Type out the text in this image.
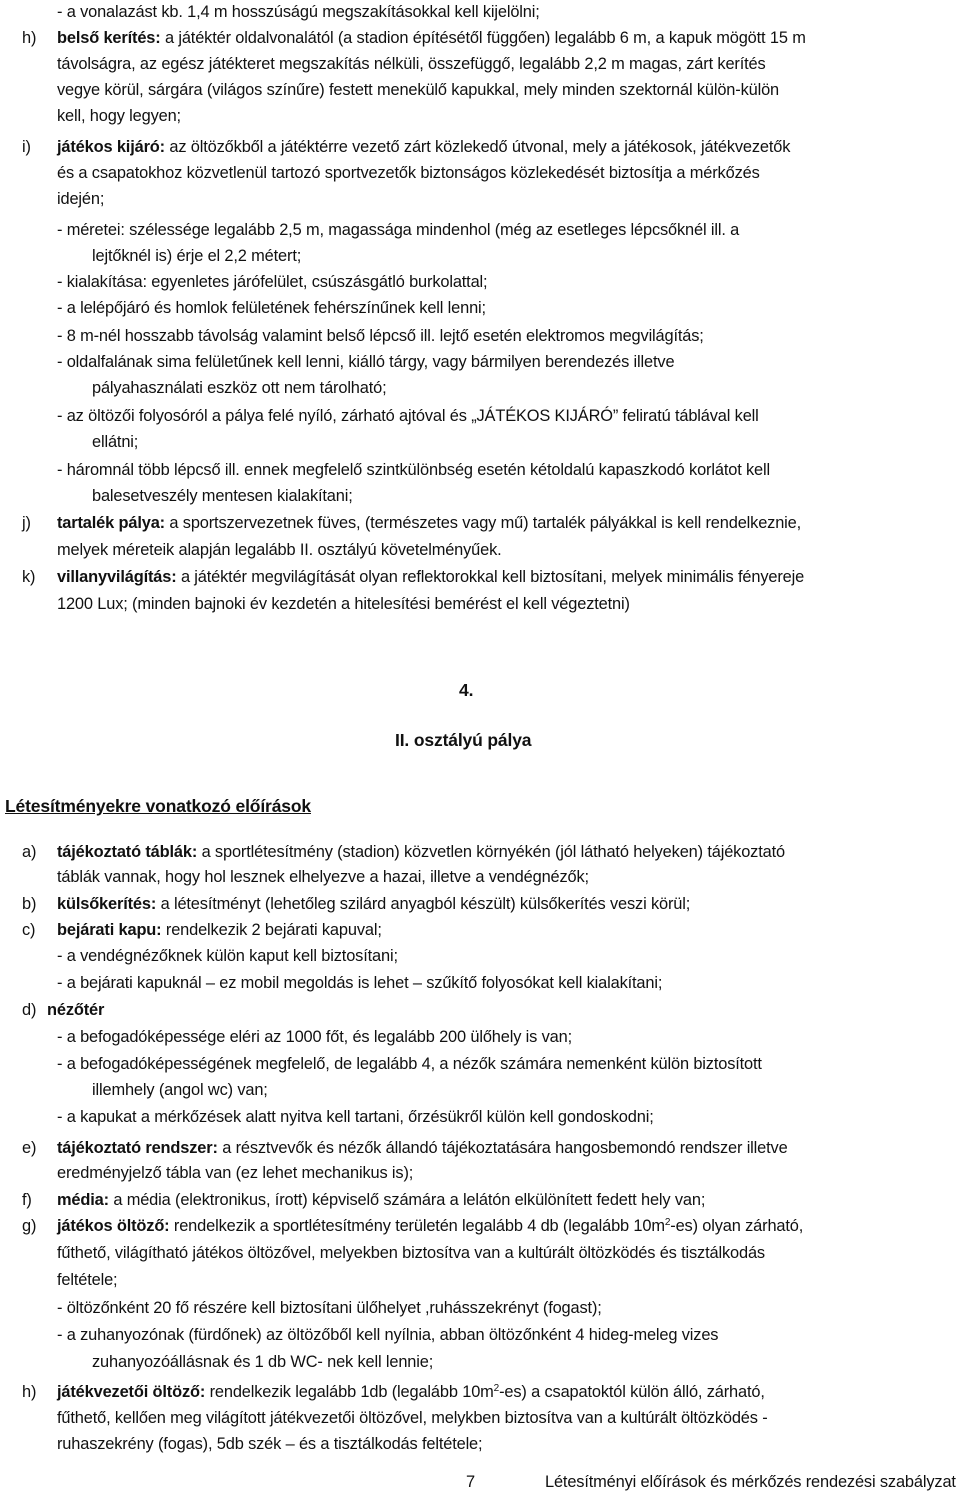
- a vonalazást kb. 1,4 m hosszúságú megszakításokkal kell kijelölni;
h) belső kerítés: a játéktér oldalvonalától (a stadion építésétől függően) legalább 6 m, a kapuk mögött 15 m
távolságra, az egész játékteret megszakítás nélküli, összefüggő, legalább 2,2 m magas, zárt kerítés
vegye körül, sárgára (világos színűre) festett menekülő kapukkal, mely minden szektornál külön-külön
kell, hogy legyen;
i) játékos kijáró: az öltözőkből a játéktérre vezető zárt közlekedő útvonal, mely a játékosok, játékvezetők
és a csapatokhoz közvetlenül tartozó sportvezetők biztonságos közlekedését biztosítja a mérkőzés
idején;
- méretei: szélessége legalább 2,5 m, magassága mindenhol (még az esetleges lépcsőknél ill. a
lejtőknél is) érje el 2,2 métert;
- kialakítása: egyenletes járófelület, csúszásgátló burkolattal;
- a lelépőjáró és homlok felületének fehérszínűnek kell lenni;
- 8 m-nél hosszabb távolság valamint belső lépcső ill. lejtő esetén elektromos megvilágítás;
- oldalfalának sima felületűnek kell lenni, kiálló tárgy, vagy bármilyen berendezés illetve
pályahasználati eszköz ott nem tárolható;
- az öltözői folyosóról a pálya felé nyíló, zárható ajtóval és „JÁTÉKOS KIJÁRÓ” feliratú táblával kell
ellátni;
- háromnál több lépcső ill. ennek megfelelő szintkülönbség esetén kétoldalú kapaszkodó korlátot kell
balesetveszély mentesen kialakítani;
j) tartalék pálya: a sportszervezetnek füves, (természetes vagy mű) tartalék pályákkal is kell rendelkeznie,
melyek méreteik alapján legalább II. osztályú követelményűek.
k) villanyvilágítás: a játéktér megvilágítását olyan reflektorokkal kell biztosítani, melyek minimális fényereje
1200 Lux; (minden bajnoki év kezdetén a hitelesítési bemérést el kell végeztetni)
4.
II. osztályú pálya
Létesítményekre vonatkozó előírások
a) tájékoztató táblák: a sportlétesítmény (stadion) közvetlen környékén (jól látható helyeken) tájékoztató
táblák vannak, hogy hol lesznek elhelyezve a hazai, illetve a vendégnézők;
b) külsőkerítés: a létesítményt (lehetőleg szilárd anyagból készült) külsőkerítés veszi körül;
c) bejárati kapu: rendelkezik 2 bejárati kapuval;
- a vendégnézőknek külön kaput kell biztosítani;
- a bejárati kapuknál – ez mobil megoldás is lehet – szűkítő folyosókat kell kialakítani;
d) nézőtér
- a befogadóképessége eléri az 1000 főt, és legalább 200 ülőhely is van;
- a befogadóképességének megfelelő, de legalább 4, a nézők számára nemenként külön biztosított
illemhely (angol wc) van;
- a kapukat a mérkőzések alatt nyitva kell tartani, őrzésükről külön kell gondoskodni;
e) tájékoztató rendszer: a résztvevők és nézők állandó tájékoztatására hangosbemondó rendszer illetve
eredményjelző tábla van (ez lehet mechanikus is);
f) média: a média (elektronikus, írott) képviselő számára a lelátón elkülönített fedett hely van;
g) játékos öltöző: rendelkezik a sportlétesítmény területén legalább 4 db (legalább $10m^2-es$) olyan zárható,
fűthető, világítható játékos öltözővel, melyekben biztosítva van a kultúrált öltözködés és tisztálkodás
feltétele;
- öltözőnként 20 fő részére kell biztosítani ülőhelyet ,ruhásszekrényt (fogast);
- a zuhanyozónak (fürdőnek) az öltözőből kell nyílnia, abban öltözőnként 4 hideg-meleg vizes
zuhanyozóállásnak és 1 db WC- nek kell lennie;
h) játékvezetői öltöző: rendelkezik legalább 1db (legalább $10m^2-es$) a csapatoktól külön álló, zárható,
fűthető, kellően meg világított játékvezetői öltözővel, melykben biztosítva van a kultúrált öltözködés -
ruhaszekrény (fogas), 5db szék – és a tisztálkodás feltétele;
7	Létesítményi előírások és mérkőzés rendezési szabályzat
